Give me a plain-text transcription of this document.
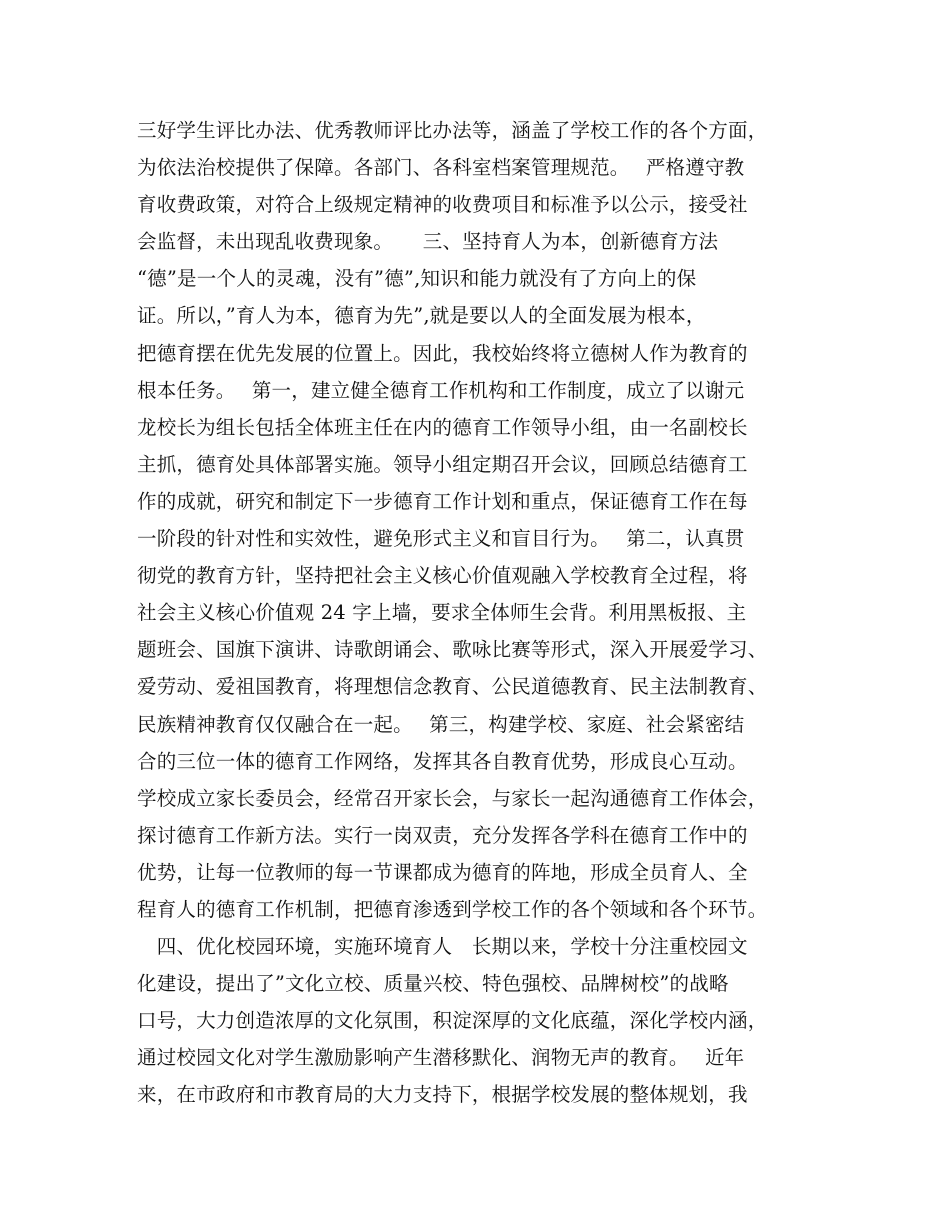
三好学生评比办法、优秀教师评比办法等，涵盖了学校工作的各个方面，
为依法治校提供了保障。各部门、各科室档案管理规范。　 严格遵守教
育收费政策，对符合上级规定精神的收费项目和标准予以公示，接受社
会监督，未出现乱收费现象。　　三、坚持育人为本，创新德育方法
“德”是一个人的灵魂，没有”德”,知识和能力就没有了方向上的保
证。所以，”育人为本，德育为先”,就是要以人的全面发展为根本，
把德育摆在优先发展的位置上。因此，我校始终将立德树人作为教育的
根本任务。　 第一，建立健全德育工作机构和工作制度，成立了以谢元
龙校长为组长包括全体班主任在内的德育工作领导小组，由一名副校长
主抓，德育处具体部署实施。领导小组定期召开会议，回顾总结德育工
作的成就，研究和制定下一步德育工作计划和重点，保证德育工作在每
一阶段的针对性和实效性，避免形式主义和盲目行为。　 第二，认真贯
彻党的教育方针，坚持把社会主义核心价值观融入学校教育全过程，将
社会主义核心价值观 24 字上墙，要求全体师生会背。利用黑板报、主
题班会、国旗下演讲、诗歌朗诵会、歌咏比赛等形式，深入开展爱学习、
爱劳动、爱祖国教育，将理想信念教育、公民道德教育、民主法制教育、
民族精神教育仅仅融合在一起。　 第三，构建学校、家庭、社会紧密结
合的三位一体的德育工作网络，发挥其各自教育优势，形成良心互动。
学校成立家长委员会，经常召开家长会，与家长一起沟通德育工作体会，
探讨德育工作新方法。实行一岗双责，充分发挥各学科在德育工作中的
优势，让每一位教师的每一节课都成为德育的阵地，形成全员育人、全
程育人的德育工作机制，把德育渗透到学校工作的各个领域和各个环节。
　四、优化校园环境，实施环境育人　长期以来，学校十分注重校园文
化建设，提出了”文化立校、质量兴校、特色强校、品牌树校”的战略
口号，大力创造浓厚的文化氛围，积淀深厚的文化底蕴，深化学校内涵，
通过校园文化对学生激励影响产生潜移默化、润物无声的教育。　 近年
来，在市政府和市教育局的大力支持下，根据学校发展的整体规划，我
